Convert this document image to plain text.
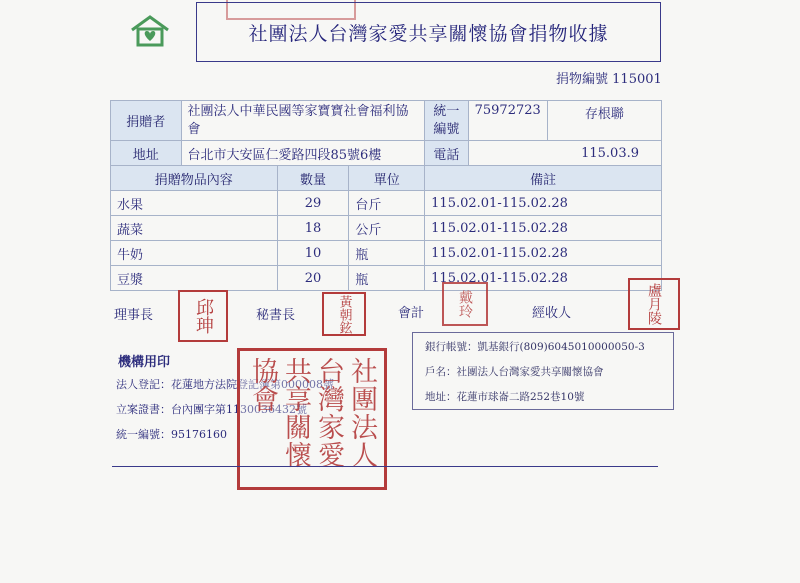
社團法人台灣家愛共享關懷協會捐物收據
捐物編號 115001
捐贈者	社團法人中華民國等家寶寶社會福利協會			統一編號	75972723	存根聯
地址	台北市大安區仁愛路四段85號6樓			電話	115.03.9	
捐贈物品內容		數量	單位	備註		
水果		29	台斤	115.02.01-115.02.28		
蔬菜		18	公斤	115.02.01-115.02.28		
牛奶		10	瓶	115.02.01-115.02.28		
豆漿		20	瓶	115.02.01-115.02.28		
理事長	秘書長	會計	經收人
邱珅	黃朝鉉	戴玲	盧月陵
機構用印
法人登記：花蓮地方法院登記簿第000008號
立案證書：台內團字第1130036432號
統一編號：95176160	社團法人台灣家愛共享關懷協會
銀行帳號：凱基銀行(809)6045010000050-3
戶名：社團法人台灣家愛共享關懷協會
地址：花蓮市球崙二路252巷10號
